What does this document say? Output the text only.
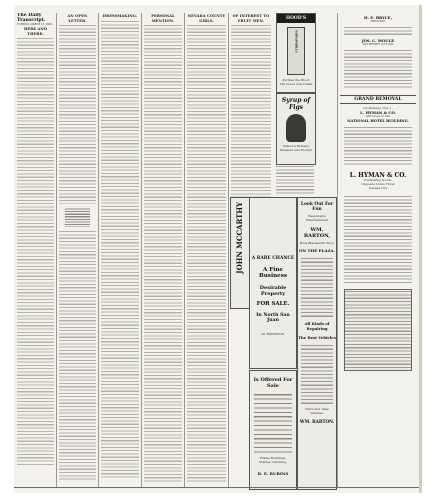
The Daily Transcript.
TUESDAY, MARCH 13, 1883.
HERE AND THERE.
AN OPEN LETTER.
DRESSMAKING.	PERSONAL MENTION.
NEVADA COUNTY GIRLS.
OF INTEREST TO FRUIT MEN.
JOHN MCCARTHY	A RARE CHANCE
A Fine Business
Desirable Property
FOR SALE.
In North San Juan
M. ROBINSON
Is Offered For Sale
Frame Buildings,
Stables, Dwelling,
R. E. RUBINS
HOOD'S
SARSAPARILLA
Purifies the Blood
100 Doses One Dollar
Syrup of Figs
Nature's Remedy
Pleasant and Prompt
Look Out For Fun
Reasonable Entertainment
WM. BARTON,
Boss Blacksmith Shop
ON THE PLAZA.
All Kinds of Repairing
The Best Vehicles
Carts and other Vehicles.
WM. BARTON.
H. E. BRYCE,
DENTIST.
JOS. C. MOULE
ATTORNEY AT LAW
GRAND REMOVAL
On Monday, Nov. 1,
L. HYMAN & CO.
will move to the
NATIONAL HOTEL BUILDING.
L. HYMAN & CO.
Furnishing Goods,
Opposite Union Hotel
Nevada City
